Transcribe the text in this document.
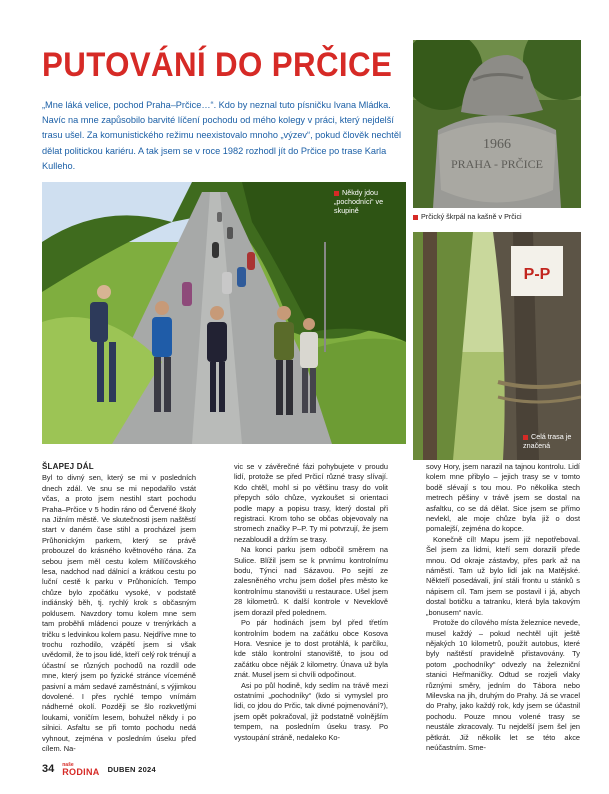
PUTOVÁNÍ DO PRČICE

„Mne láká velice, pochod Praha–Prčice…“. Kdo by neznal tuto písničku Ivana Mládka. Navíc na mne zapůsobilo barvité líčení pochodu od mého kolegy v práci, který nejdelší trasu ušel. Za komunistického režimu neexistovalo mnoho „výzev“, pokud člověk nechtěl dělat politickou kariéru. A tak jsem se v roce 1982 rozhodl jít do Prčice po trase Karla Kulleho.

Někdy jdou „pochodníci“ ve skupině
1966
PRAHA - PRČICE
Prčický škrpál na kašně v Prčici
P-P
Celá trasa je značená
ŠLAPEJ DÁL

Byl to divný sen, který se mi v posledních dnech zdál. Ve snu se mi nepodařilo vstát včas, a proto jsem nestihl start pochodu Praha–Prčice v 5 hodin ráno od Červené školy na Jižním městě. Ve skutečnosti jsem naštěstí start v daném čase stihl a procházel jsem Průhonickým parkem, který se právě probouzel do krásného květnového rána. Za sebou jsem měl cestu kolem Milíčovského lesa, nadchod nad dálnicí a krátkou cestu po luční cestě k parku v Průhonicích. Tempo chůze bylo zpočátku vysoké, v podstatě indiánský běh, tj. rychlý krok s občasným poklusem. Navzdory tomu kolem mne sem tam proběhli mládenci pouze v trenýrkách a tričku s ledvinkou kolem pasu. Nejdříve mne to trochu rozhodilo, vzápětí jsem si však uvědomil, že to jsou lidé, kteří celý rok trénují a účastní se různých pochodů na rozdíl ode mne, který jsem po fyzické stránce víceméně pasivní a mám sedavé zaměstnání, s výjimkou dovolené. I přes rychlé tempo vnímám nádherné okolí. Později se šlo rozkvetlými loukami, voničím lesem, bohužel někdy i po silnici. Asfaltu se při tomto pochodu nedá vyhnout, zejména v posledním úseku před cílem. Na-

vic se v závěrečné fázi pohybujete v proudu lidí, protože se před Prčicí různé trasy slívají. Kdo chtěl, mohl si po většinu trasy do volit přepych sólo chůze, vyzkoušet si orientaci podle mapy a popisu trasy, který dostal při registraci. Krom toho se občas objevovaly na stromech značky P–P. Ty mi potvrzují, že jsem nezabloudil a držím se trasy.

Na konci parku jsem odbočil směrem na Sulice. Blížil jsem se k prvnímu kontrolnímu bodu, Týnci nad Sázavou. Po sejití ze zalesněného vrchu jsem došel přes město ke kontrolnímu stanovišti u restaurace. Ušel jsem 28 kilometrů. K další kontrole v Neveklově jsem dorazil před polednem.

Po pár hodinách jsem byl před třetím kontrolním bodem na začátku obce Kosova Hora. Vesnice je to dost protáhlá, k parčíku, kde stálo kontrolní stanoviště, to jsou od začátku obce něják 2 kilometry. Únava už byla znát. Musel jsem si chvíli odpočinout.

Asi po půl hodině, kdy sedím na trávě mezi ostatními „pochodníky“ (kdo si vymyslel pro lidi, co jdou do Prčic, tak divné pojmenování?), jsem opět pokračoval, již podstatně volnějším tempem, na posledním úseku trasy. Po vystoupání stráně, nedaleko Ko-

sovy Hory, jsem narazil na tajnou kontrolu. Lidí kolem mne přibylo – jejich trasy se v tomto bodě slévají s tou mou. Po několika stech metrech pěšiny v trávě jsem se dostal na asfaltku, co se dá dělat. Sice jsem se přímo nevlekl, ale moje chůze byla již o dost pomalejší, zejména do kopce.

Konečně cíl! Mapu jsem již nepotřeboval. Šel jsem za lidmi, kteří sem dorazili přede mnou. Od okraje zástavby, přes park až na náměstí. Tam už bylo lidí jak na Matějské. Někteří posedávali, jiní stáli frontu u stánků s nápisem cíl. Tam jsem se postavil i já, abych dostal botičku a tatranku, která byla takovým „bonusem“ navíc.

Protože do cílového místa železnice nevede, musel každý – pokud nechtěl ujít ještě nějakých 10 kilometrů, použít autobus, které byly naštěstí pravidelně přistavovány. Ty potom „pochodníky“ odvezly na železniční stanici Heřmaničky. Odtud se rozjeli vlaky různými směry, jedním do Tábora nebo Milevska na jih, druhým do Prahy. Já se vracel do Prahy, jako každý rok, kdy jsem se účastnil pochodu. Pouze mnou volené trasy se neustále zkracovaly. Tu nejdelší jsem šel jen pětkrát. Již několik let se této akce neúčastním. Sme-

34 naše
RODINA DUBEN 2024
